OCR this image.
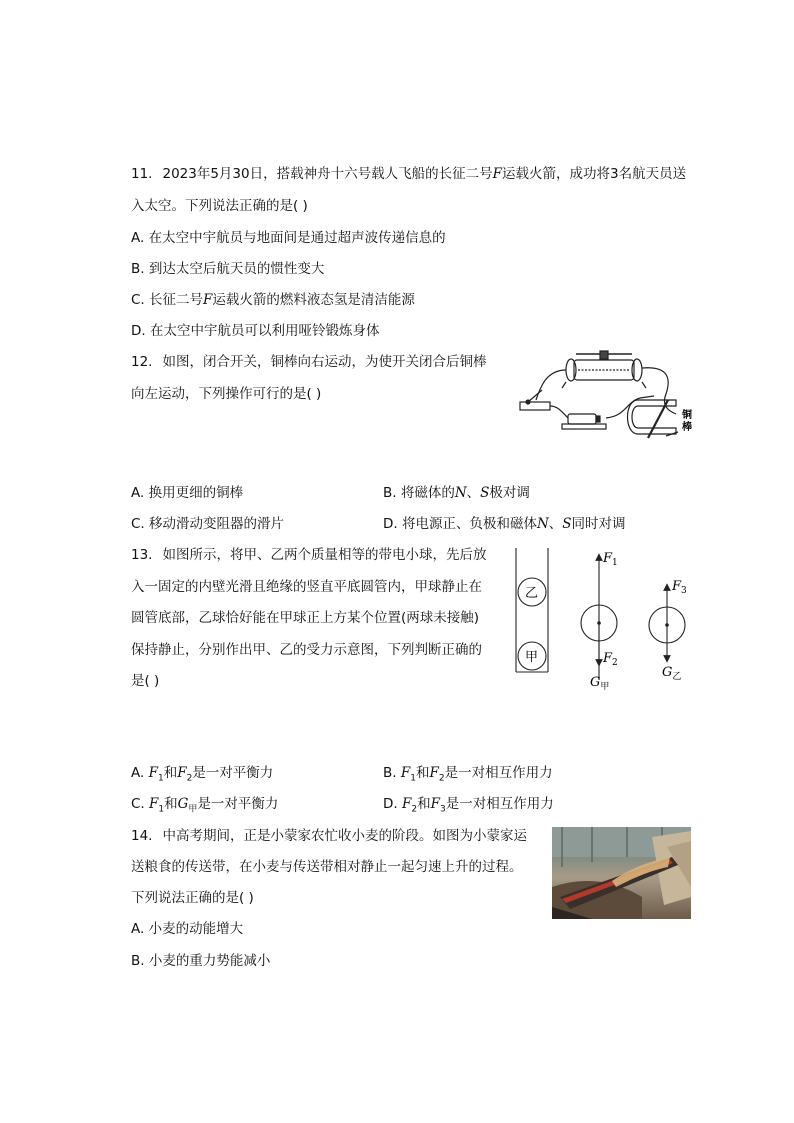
11. 2023年5月30日，搭载神舟十六号载人飞船的长征二号F运载火箭，成功将3名航天员送
入太空。下列说法正确的是( )
A. 在太空中宇航员与地面间是通过超声波传递信息的
B. 到达太空后航天员的惯性变大
C. 长征二号F运载火箭的燃料液态氢是清洁能源
D. 在太空中宇航员可以利用哑铃锻炼身体
12. 如图，闭合开关，铜棒向右运动，为使开关闭合后铜棒
向左运动，下列操作可行的是( )
铜
棒
A. 换用更细的铜棒	B. 将磁体的N、S极对调
C. 移动滑动变阻器的滑片	D. 将电源正、负极和磁体N、S同时对调
13. 如图所示，将甲、乙两个质量相等的带电小球，先后放
入一固定的内壁光滑且绝缘的竖直平底圆管内，甲球静止在
圆管底部，乙球恰好能在甲球正上方某个位置(两球未接触)
保持静止，分别作出甲、乙的受力示意图，下列判断正确的
是( )
乙
甲
$F_1$
$F_2$
$G_甲$
$F_3$
$G_乙$
A. $F_1$和$F_2$是一对平衡力	B. $F_1$和$F_2$是一对相互作用力
C. $F_1$和$G_甲$是一对平衡力	D. $F_2$和$F_3$是一对相互作用力
14. 中高考期间，正是小蒙家农忙收小麦的阶段。如图为小蒙家运
送粮食的传送带，在小麦与传送带相对静止一起匀速上升的过程。
下列说法正确的是( )
A. 小麦的动能增大
B. 小麦的重力势能减小
